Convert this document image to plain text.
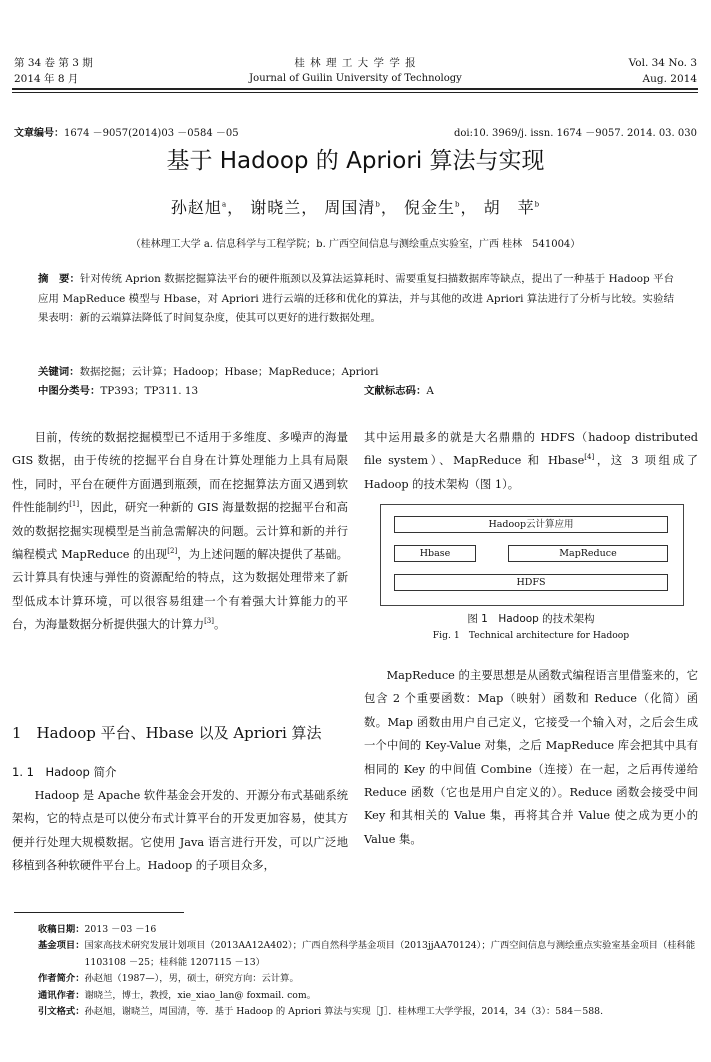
第 34 卷 第 3 期
2014 年 8 月
桂 林 理 工 大 学 学 报
Journal of Guilin University of Technology
Vol. 34 No. 3
Aug. 2014
文章编号：1674 －9057(2014)03 －0584 －05	doi:10. 3969/j. issn. 1674 －9057. 2014. 03. 030
基于 Hadoop 的 Apriori 算法与实现
孙赵旭$^a$， 谢晓兰， 周国清$^b$， 倪金生$^b$， 胡　苹$^b$
（桂林理工大学 a. 信息科学与工程学院；b. 广西空间信息与测绘重点实验室，广西 桂林　541004）
摘　要：针对传统 Aprion 数据挖掘算法平台的硬件瓶颈以及算法运算耗时、需要重复扫描数据库等缺点，提出了一种基于 Hadoop 平台应用 MapReduce 模型与 Hbase，对 Apriori 进行云端的迁移和优化的算法，并与其他的改进 Apriori 算法进行了分析与比较。实验结果表明：新的云端算法降低了时间复杂度，使其可以更好的进行数据处理。
关键词：数据挖掘；云计算；Hadoop；Hbase；MapReduce；Apriori
中图分类号：TP393；TP311. 13	文献标志码：A

目前，传统的数据挖掘模型已不适用于多维度、多噪声的海量 GIS 数据，由于传统的挖掘平台自身在计算处理能力上具有局限性，同时，平台在硬件方面遇到瓶颈，而在挖掘算法方面又遇到软件性能制约[1]，因此，研究一种新的 GIS 海量数据的挖掘平台和高效的数据挖掘实现模型是当前急需解决的问题。云计算和新的并行编程模式 MapReduce 的出现[2]，为上述问题的解决提供了基础。云计算具有快速与弹性的资源配给的特点，这为数据处理带来了新型低成本计算环境，可以很容易组建一个有着强大计算能力的平台，为海量数据分析提供强大的计算力[3]。

1　Hadoop 平台、Hbase 以及 Apriori 算法
1. 1　Hadoop 简介

Hadoop 是 Apache 软件基金会开发的、开源分布式基础系统架构，它的特点是可以使分布式计算平台的开发更加容易，使其方便并行处理大规模数据。它使用 Java 语言进行开发，可以广泛地移植到各种软硬件平台上。Hadoop 的子项目众多，

其中运用最多的就是大名鼎鼎的 HDFS（hadoop distributed file system）、MapReduce 和 Hbase[4]，这 3 项组成了 Hadoop 的技术架构（图 1）。

Hadoop云计算应用
Hbase	MapReduce
HDFS
图 1　Hadoop 的技术架构
Fig. 1　Technical architecture for Hadoop

MapReduce 的主要思想是从函数式编程语言里借鉴来的，它包含 2 个重要函数：Map（映射）函数和 Reduce（化简）函数。Map 函数由用户自己定义，它接受一个输入对，之后会生成一个中间的 Key-Value 对集，之后 MapReduce 库会把其中具有相同的 Key 的中间值 Combine（连接）在一起，之后再传递给 Reduce 函数（它也是用户自定义的）。Reduce 函数会接受中间 Key 和其相关的 Value 集，再将其合并 Value 使之成为更小的 Value 集。

收稿日期： 2013 －03 －16
基金项目： 国家高技术研究发展计划项目（2013AA12A402）；广西自然科学基金项目（2013jjAA70124）；广西空间信息与测绘重点实验室基金项目（桂科能 1103108 －25；桂科能 1207115 －13）
作者简介： 孙赵旭（1987—），男，硕士，研究方向：云计算。
通讯作者： 谢晓兰，博士，教授，xie_xiao_lan@ foxmail. com。
引文格式： 孙赵旭，谢晓兰，周国清，等．基于 Hadoop 的 Apriori 算法与实现［J］．桂林理工大学学报，2014，34（3）：584－588.
